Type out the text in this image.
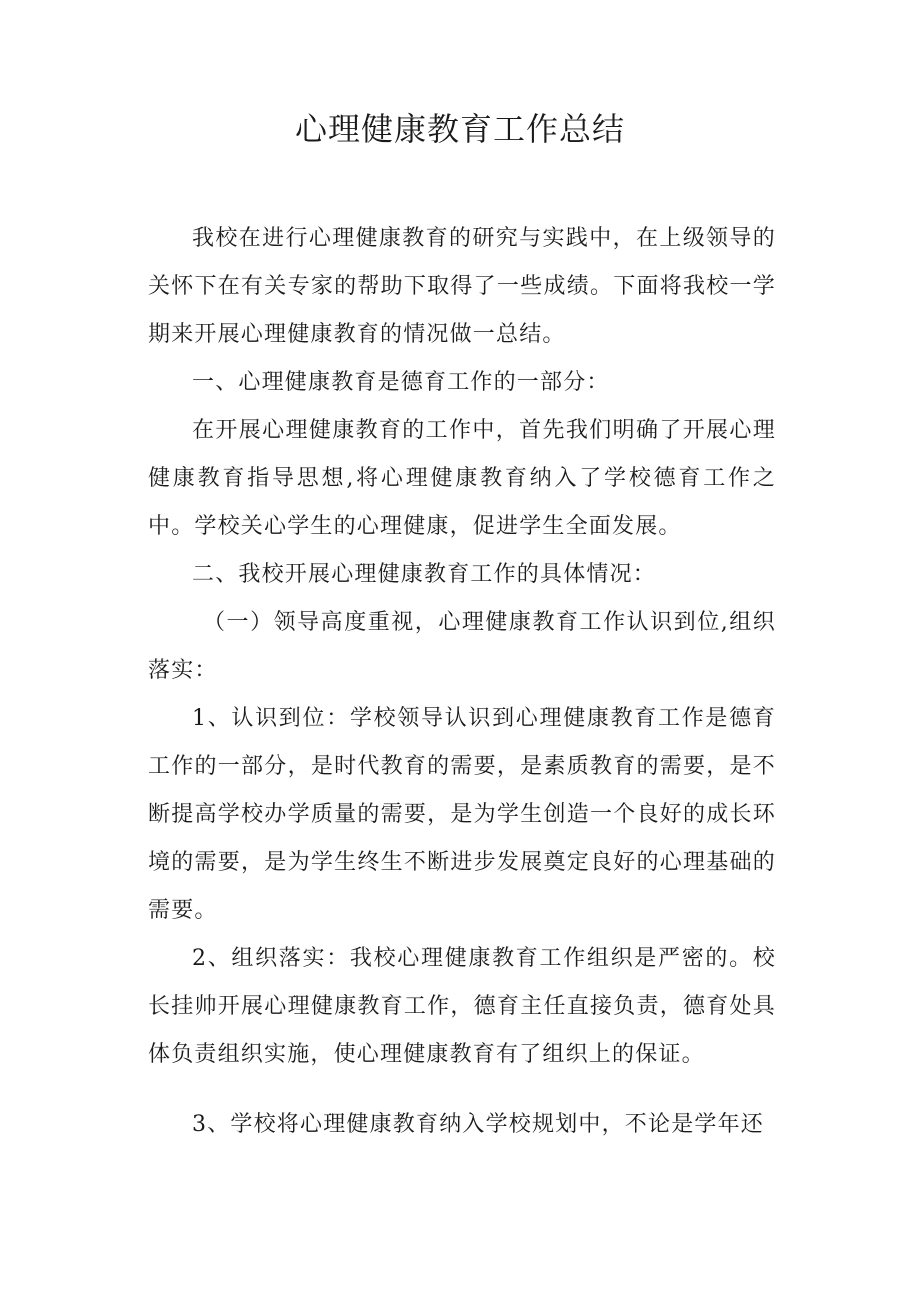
心理健康教育工作总结

我校在进行心理健康教育的研究与实践中，在上级领导的关怀下在有关专家的帮助下取得了一些成绩。下面将我校一学期来开展心理健康教育的情况做一总结。

一、心理健康教育是德育工作的一部分：

在开展心理健康教育的工作中，首先我们明确了开展心理健康教育指导思想,将心理健康教育纳入了学校德育工作之中。学校关心学生的心理健康，促进学生全面发展。

二、我校开展心理健康教育工作的具体情况：

（一）领导高度重视，心理健康教育工作认识到位,组织落实：

1、认识到位：学校领导认识到心理健康教育工作是德育工作的一部分，是时代教育的需要，是素质教育的需要，是不断提高学校办学质量的需要，是为学生创造一个良好的成长环境的需要，是为学生终生不断进步发展奠定良好的心理基础的需要。

2、组织落实：我校心理健康教育工作组织是严密的。校长挂帅开展心理健康教育工作，德育主任直接负责，德育处具体负责组织实施，使心理健康教育有了组织上的保证。

3、学校将心理健康教育纳入学校规划中，不论是学年还
